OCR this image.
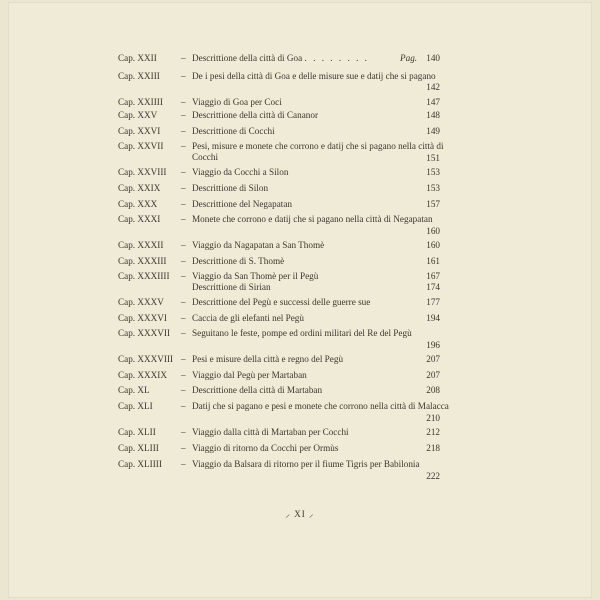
Cap. XXII	– Descrittione della città di Goa . . . . . . . .	Pag. 140
Cap. XXIII – De i pesi della città di Goa e delle misure sue e datij che si pagano
142
Cap. XXIIII – Viaggio di Goa per Coci	147
Cap. XXV	– Descrittione della città di Cananor	148
Cap. XXVI – Descrittione di Cocchi	149
Cap. XXVII – Pesi, misure e monete che corrono e datij che si pagano nella città di Cocchi	151
Cap. XXVIII – Viaggio da Cocchi a Silon	153
Cap. XXIX – Descrittione di Silon	153
Cap. XXX	– Descrittione del Negapatan	157
Cap. XXXI – Monete che corrono e datij che si pagano nella città di Negapatan
160
Cap. XXXII – Viaggio da Nagapatan a San Thomè	160
Cap. XXXIII – Descrittione di S. Thomè	161
Cap. XXXIIII – Viaggio da San Thomè per il Pegù	167
Descrittione di Sirian	174
Cap. XXXV – Descrittione del Pegù e successi delle guerre sue	177
Cap. XXXVI – Caccia de gli elefanti nel Pegù	194
Cap. XXXVII – Seguitano le feste, pompe ed ordini militari del Re del Pegù
196
Cap. XXXVIII – Pesi e misure della città e regno del Pegù	207
Cap. XXXIX – Viaggio dal Pegù per Martaban	207
Cap. XL	– Descrittione della città di Martaban	208
Cap. XLI	– Datij che si pagano e pesi e monete che corrono nella città di Malacca
210
Cap. XLII	– Viaggio dalla città di Martaban per Cocchi	212
Cap. XLIII – Viaggio di ritorno da Cocchi per Ormùs	218
Cap. XLIIII – Viaggio da Balsara di ritorno per il fiume Tigris per Babilonia
222
⸝ XI ⸝
